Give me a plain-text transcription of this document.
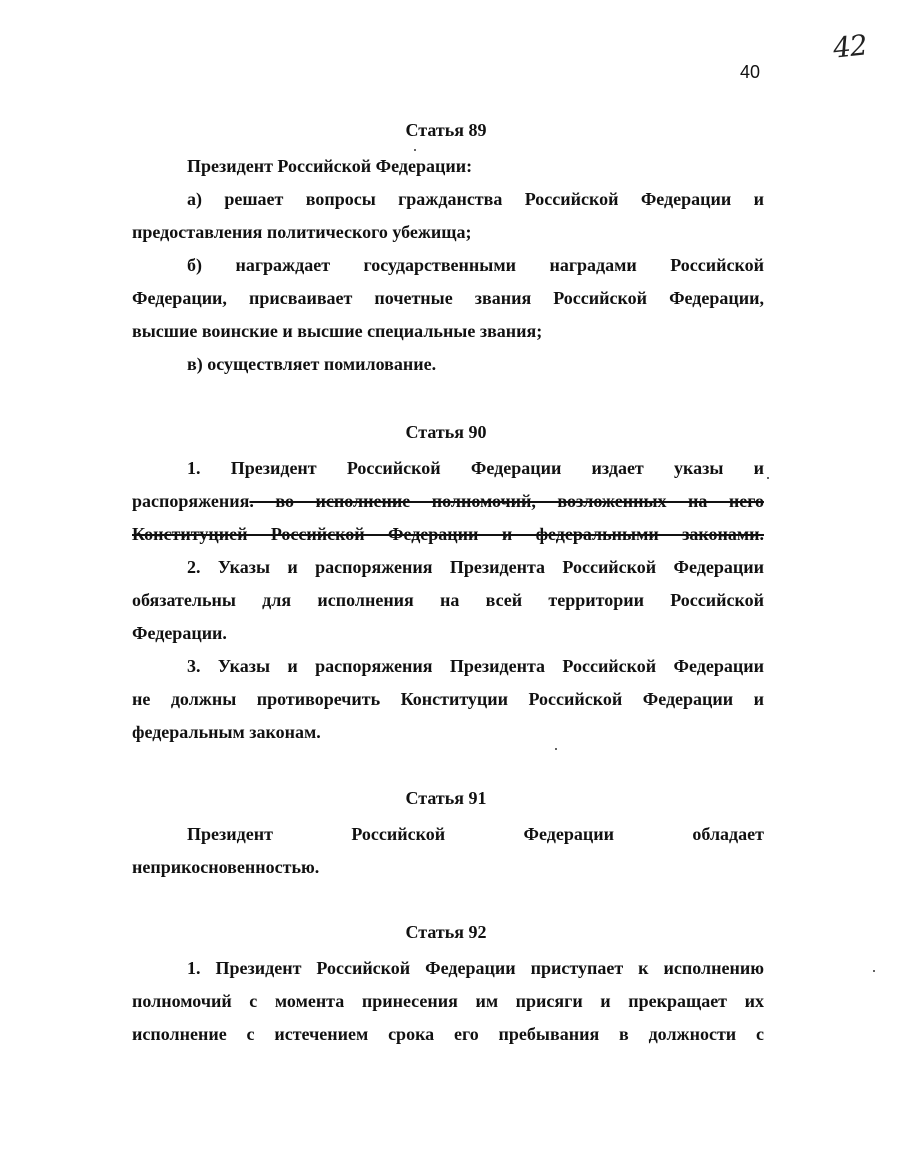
42
40
Статья 89
Президент Российской Федерации:
а) решает вопросы гражданства Российской Федерации и
предоставления политического убежища;
б) награждает государственными наградами Российской
Федерации, присваивает почетные звания Российской Федерации,
высшие воинские и высшие специальные звания;
в) осуществляет помилование.
Статья 90
1. Президент Российской Федерации издает указы и
распоряжения. во исполнение полномочий, возложенных на него
Конституцией Российской Федерации и федеральными законами.
2. Указы и распоряжения Президента Российской Федерации
обязательны для исполнения на всей территории Российской
Федерации.
3. Указы и распоряжения Президента Российской Федерации
не должны противоречить Конституции Российской Федерации и
федеральным законам.
Статья 91
Президент Российской Федерации обладает
неприкосновенностью.
Статья 92
1. Президент Российской Федерации приступает к исполнению
полномочий с момента принесения им присяги и прекращает их
исполнение с истечением срока его пребывания в должности с
